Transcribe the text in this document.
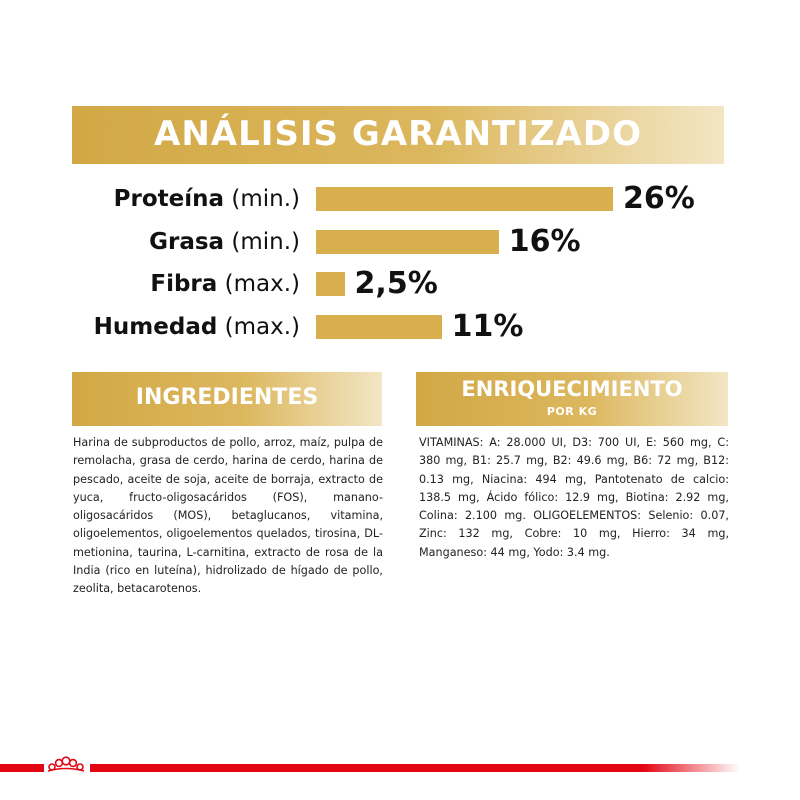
ANÁLISIS GARANTIZADO
Proteína (min.)	26%
Grasa (min.)	16%
Fibra (max.) 2,5%
Humedad (max.)	11%
INGREDIENTES
Harina de subproductos de pollo, arroz, maíz, pulpa de remolacha, grasa de cerdo, harina de cerdo, harina de pescado, aceite de soja, aceite de borraja, extracto de yuca, fructo-oligosacáridos (FOS), manano-oligosacáridos (MOS), betaglucanos, vitamina, oligoelementos, oligoelementos quelados, tirosina, DL-metionina, taurina, L-carnitina, extracto de rosa de la India (rico en luteína), hidrolizado de hígado de pollo, zeolita, betacarotenos.
ENRIQUECIMIENTO
POR KG
VITAMINAS: A: 28.000 UI, D3: 700 UI, E: 560 mg, C: 380 mg, B1: 25.7 mg, B2: 49.6 mg, B6: 72 mg, B12: 0.13 mg, Niacina: 494 mg, Pantotenato de calcio: 138.5 mg, Ácido fólico: 12.9 mg, Biotina: 2.92 mg, Colina: 2.100 mg. OLIGOELEMENTOS: Selenio: 0.07, Zinc: 132 mg, Cobre: 10 mg, Hierro: 34 mg, Manganeso: 44 mg, Yodo: 3.4 mg.
